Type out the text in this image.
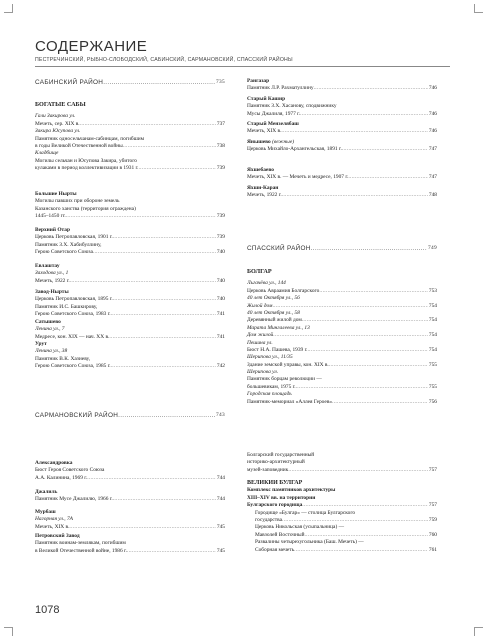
СОДЕРЖАНИЕ
ПЕСТРЕЧИНСКИЙ, РЫБНО-СЛОБОДСКИЙ, САБИНСКИЙ, САРМАНОВСКИЙ, СПАССКИЙ РАЙОНЫ
САБИНСКИЙ РАЙОН .....	735
БОГАТЫЕ САБЫ
Гали Закирова ул.
Мечеть, сер. XIX в. .....	737
Закира Юсупова ул.
Памятник односельчанам-сабинцам, погибшим
в годы Великой Отечественной войны .....	738
Кладбище
Могилы сельчан и Юсупова Закира, убитого
кулаками в период коллективизации в 1931 г. .....	739
Большие Нырты
Могилы павших при обороне земель
Казанского ханства (территория ограждена)
1445–1450 гг. .....	739
Верхний Отар
Церковь Петропавловская, 1901 г. .....	739
Памятник З.Х. Хабибуллину,
Герою Советского Союза .....	740
Евлаштау
Заходова ул., 1
Мечеть, 1922 г. .....	740
Завод-Нырты
Церковь Петропавловская, 1895 г. .....	740
Памятник И.С. Башкирову,
Герою Советского Союза, 1983 г. .....	741
Сатышево
Ленина ул., 7
Медресе, кон. XIX — нач. XX в. .....	741
Урут
Ленина ул., 38
Памятник В.К. Хазиеву,
Герою Советского Союза, 1985 г. .....	742
САРМАНОВСКИЙ РАЙОН .....	743
Александровка
Бюст Героя Советского Союза
А.А. Калинина, 1969 г. .....	744
Джалиль
Памятник Мусе Джалилю, 1966 г. .....	744
Мурбаш
Нагорная ул., 7А
Мечеть, XIX в. .....	745
Петровский Завод
Памятник воинам-землякам, погибшим
в Великой Отечественной войне, 1986 г. .....	745
Рангазар
Памятник Л.Р. Рахматуллину .....	746
Старый Кашир
Памятник З.Х. Хасанову, сподвижнику
Мусы Джалиля, 1977 г. .....	746
Старый Мензелябаш
Мечеть, XIX в. .....	746
Янышево (вежные)
Церковь Михайло-Архангельская, 1891 г. .....	747
Яхшебаево
Мечеть, XIX в. — Мечеть и медресе, 1907 г. .....	747
Яхши-Каран
Мечеть, 1922 г. .....	748
СПАССКИЙ РАЙОН .....	749
БОЛГАР
Льгачёва ул., 144
Церковь Авраамия Болгарского .....	753
40 лет Октября ул., 56
Жилой дом .....	754
40 лет Октября ул., 58
Деревянный жилой дом .....	754
Марата Мингалеева ул., 13
Дом жилой .....	754
Пешина ул.
Бюст Н.А. Пашева, 1939 г. .....	754
Шерипова ул., 11/35
Здание земской управы, кон. XIX в. .....	755
Шерипова ул.
Памятник борцам революции —
большевикам, 1975 г. .....	755
Городская площадь
Памятник-мемориал «Аллея Героев» .....	756
Болгарский государственный
историко-архитектурный
музей-заповедник .....	757
ВЕЛИКИЙ БУЛГАР
Комплекс памятников архитектуры
XIII–XIV вв. на территории
Булгарского городища .....	757
Городище «Булгар» — столица Булгарского
государства .....	759
Церковь Никольская (усыпальница) —
Мавзолей Восточный .....	760
Развалины четырехугольника (Баш. Мечеть) —
Соборная мечеть .....	761
1078
